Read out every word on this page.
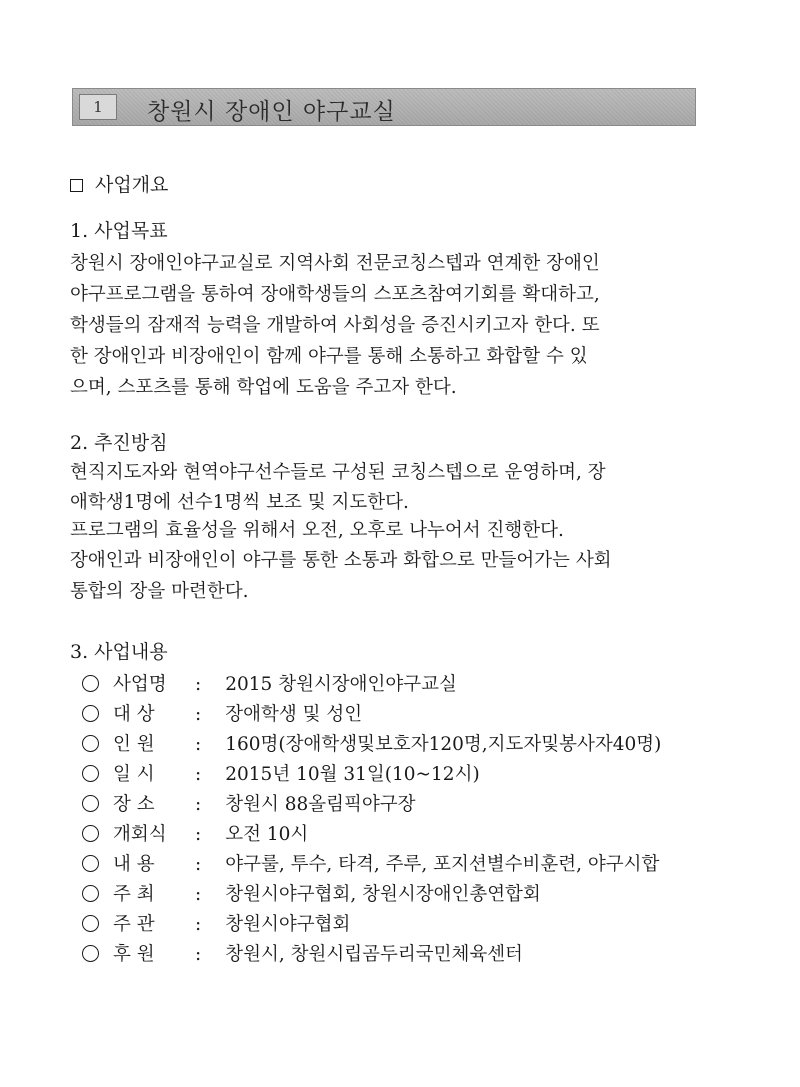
1	창원시 장애인 야구교실
사업개요
1. 사업목표
창원시 장애인야구교실로 지역사회 전문코칭스텝과 연계한 장애인
야구프로그램을 통하여 장애학생들의 스포츠참여기회를 확대하고,
학생들의 잠재적 능력을 개발하여 사회성을 증진시키고자 한다. 또
한 장애인과 비장애인이 함께 야구를 통해 소통하고 화합할 수 있
으며, 스포츠를 통해 학업에 도움을 주고자 한다.
2. 추진방침
현직지도자와 현역야구선수들로 구성된 코칭스텝으로 운영하며, 장
애학생1명에 선수1명씩 보조 및 지도한다.
프로그램의 효율성을 위해서 오전, 오후로 나누어서 진행한다.
장애인과 비장애인이 야구를 통한 소통과 화합으로 만들어가는 사회
통합의 장을 마련한다.
3. 사업내용
사업명 : 2015 창원시장애인야구교실
대 상 : 장애학생 및 성인
인 원 : 160명(장애학생및보호자120명,지도자및봉사자40명)
일 시 : 2015년 10월 31일(10~12시)
장 소 : 창원시 88올림픽야구장
개회식 : 오전 10시
내 용 : 야구룰, 투수, 타격, 주루, 포지션별수비훈련, 야구시합
주 최 : 창원시야구협회, 창원시장애인총연합회
주 관 : 창원시야구협회
후 원 : 창원시, 창원시립곰두리국민체육센터
